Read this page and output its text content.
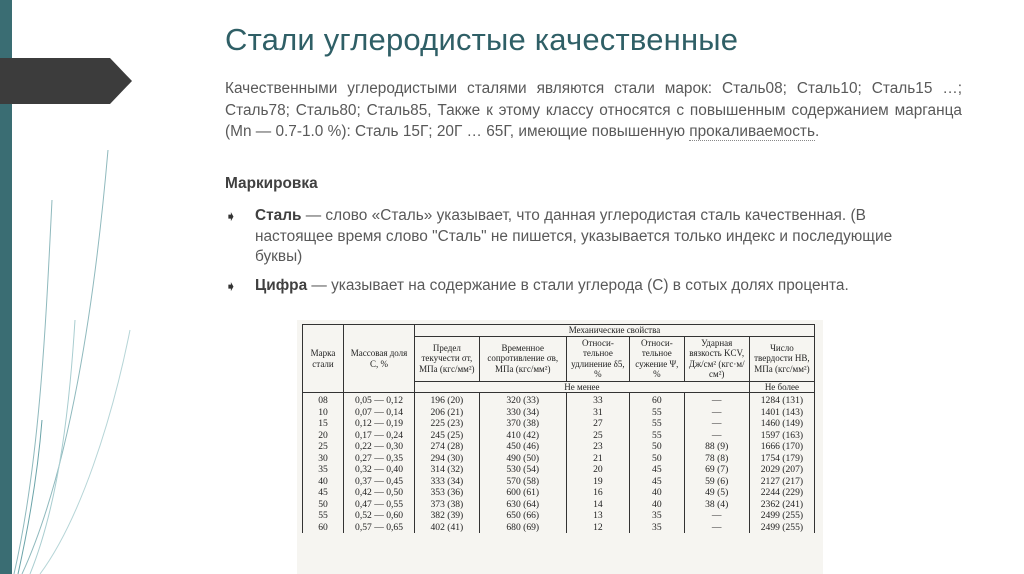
Стали углеродистые качественные
Качественными углеродистыми сталями являются стали марок: Сталь08; Сталь10; Сталь15 …; Сталь78; Сталь80; Сталь85, Также к этому классу относятся с повышенным содержанием марганца (Mn — 0.7-1.0 %): Сталь 15Г; 20Г … 65Г, имеющие повышенную прокаливаемость.
Маркировка
➧ Сталь — слово «Сталь» указывает, что данная углеродистая сталь качественная. (В настоящее время слово "Сталь" не пишется, указывается только индекс и последующие буквы)
➧ Цифра — указывает на содержание в стали углерода (C) в сотых долях процента.
Марка стали	Массовая доля C, %	Механические свойства					
		Предел текучести σт, МПа (кгс/мм²)	Временное сопротивление σв, МПа (кгс/мм²)	Относительное удлинение δ5, %	Относительное сужение Ψ, %	Ударная вязкость KCV, Дж/см² (кгс·м/см²)	Число твердости HB, МПа (кгс/мм²)
		Не менее					Не более
08	0,05 — 0,12	196 (20)	320 (33)	33	60	—	1284 (131)
10	0,07 — 0,14	206 (21)	330 (34)	31	55	—	1401 (143)
15	0,12 — 0,19	225 (23)	370 (38)	27	55	—	1460 (149)
20	0,17 — 0,24	245 (25)	410 (42)	25	55	—	1597 (163)
25	0,22 — 0,30	274 (28)	450 (46)	23	50	88 (9)	1666 (170)
30	0,27 — 0,35	294 (30)	490 (50)	21	50	78 (8)	1754 (179)
35	0,32 — 0,40	314 (32)	530 (54)	20	45	69 (7)	2029 (207)
40	0,37 — 0,45	333 (34)	570 (58)	19	45	59 (6)	2127 (217)
45	0,42 — 0,50	353 (36)	600 (61)	16	40	49 (5)	2244 (229)
50	0,47 — 0,55	373 (38)	630 (64)	14	40	38 (4)	2362 (241)
55	0,52 — 0,60	382 (39)	650 (66)	13	35	—	2499 (255)
60	0,57 — 0,65	402 (41)	680 (69)	12	35	—	2499 (255)
